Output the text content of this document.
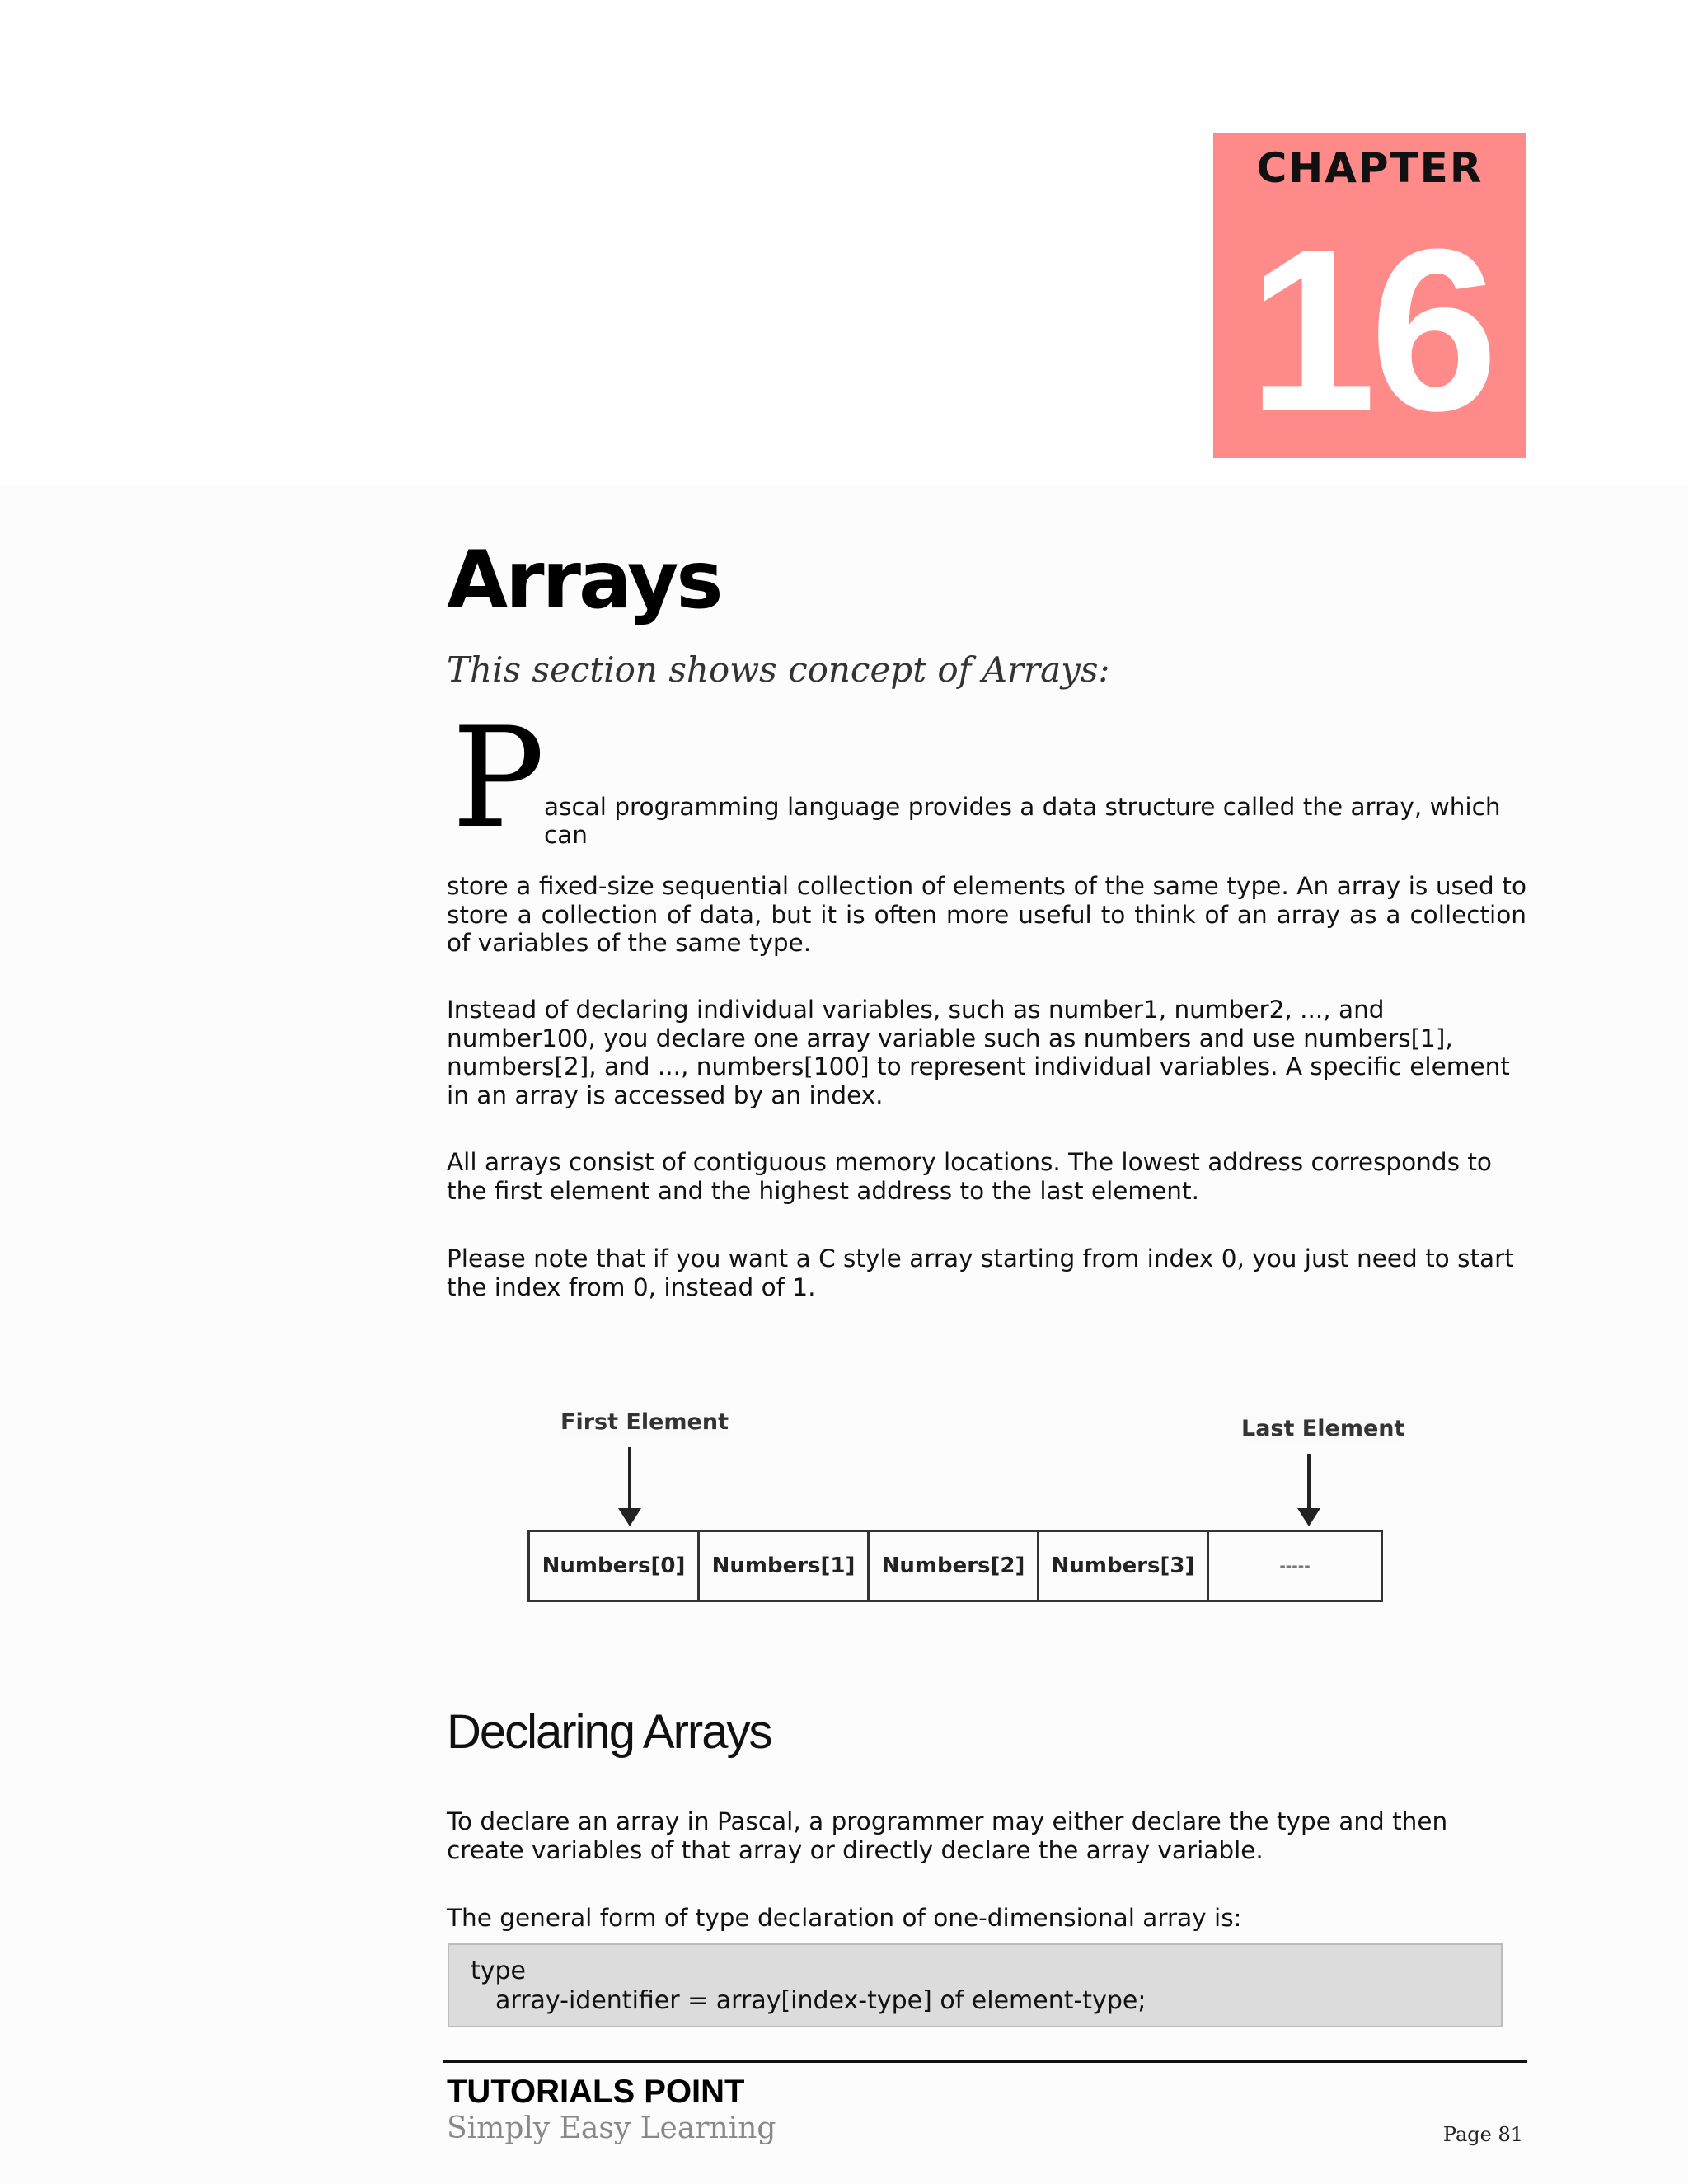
CHAPTER
16
Arrays
This section shows concept of Arrays:
P
ascal programming language provides a data structure called the array, which can

store a fixed-size sequential collection of elements of the same type. An array is used to store a collection of data, but it is often more useful to think of an array as a collection of variables of the same type.

Instead of declaring individual variables, such as number1, number2, ..., and number100, you declare one array variable such as numbers and use numbers[1], numbers[2], and ..., numbers[100] to represent individual variables. A specific element in an array is accessed by an index.

All arrays consist of contiguous memory locations. The lowest address corresponds to the first element and the highest address to the last element.

Please note that if you want a C style array starting from index 0, you just need to start the index from 0, instead of 1.

First Element	Last Element
Numbers[0]	Numbers[1]	Numbers[2]	Numbers[3]	-----
Declaring Arrays

To declare an array in Pascal, a programmer may either declare the type and then create variables of that array or directly declare the array variable.

The general form of type declaration of one-dimensional array is:

type
array-identifier = array[index-type] of element-type;
TUTORIALS POINT
Simply Easy Learning	Page 81
